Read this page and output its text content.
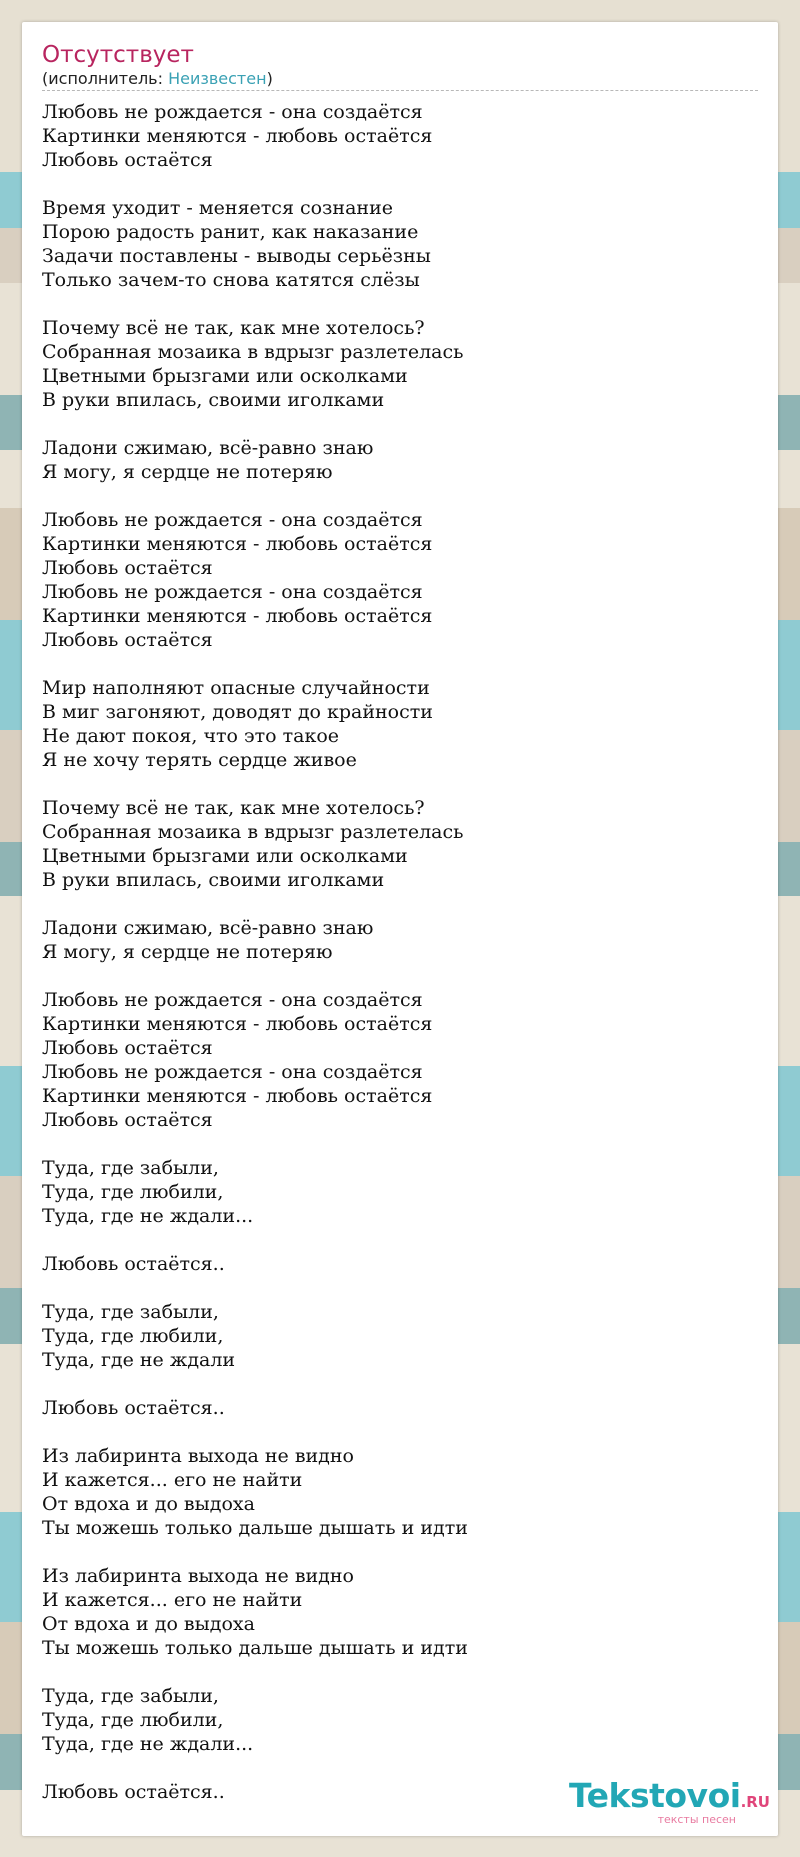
Отсутствует
(исполнитель: Неизвестен)
Любовь не рождается - она создаётся
Картинки меняются - любовь остаётся
Любовь остаётся
Время уходит - меняется сознание
Порою радость ранит, как наказание
Задачи поставлены - выводы серьёзны
Только зачем-то снова катятся слёзы
Почему всё не так, как мне хотелось?
Собранная мозаика в вдрызг разлетелась
Цветными брызгами или осколками
В руки впилась, своими иголками
Ладони сжимаю, всё-равно знаю
Я могу, я сердце не потеряю
Любовь не рождается - она создаётся
Картинки меняются - любовь остаётся
Любовь остаётся
Любовь не рождается - она создаётся
Картинки меняются - любовь остаётся
Любовь остаётся
Мир наполняют опасные случайности
В миг загоняют, доводят до крайности
Не дают покоя, что это такое
Я не хочу терять сердце живое
Почему всё не так, как мне хотелось?
Собранная мозаика в вдрызг разлетелась
Цветными брызгами или осколками
В руки впилась, своими иголками
Ладони сжимаю, всё-равно знаю
Я могу, я сердце не потеряю
Любовь не рождается - она создаётся
Картинки меняются - любовь остаётся
Любовь остаётся
Любовь не рождается - она создаётся
Картинки меняются - любовь остаётся
Любовь остаётся
Туда, где забыли,
Туда, где любили,
Туда, где не ждали...
Любовь остаётся..
Туда, где забыли,
Туда, где любили,
Туда, где не ждали
Любовь остаётся..
Из лабиринта выхода не видно
И кажется... его не найти
От вдоха и до выдоха
Ты можешь только дальше дышать и идти
Из лабиринта выхода не видно
И кажется... его не найти
От вдоха и до выдоха
Ты можешь только дальше дышать и идти
Туда, где забыли,
Туда, где любили,
Туда, где не ждали...
Любовь остаётся..	Tekstovoi.RU
тексты песен
